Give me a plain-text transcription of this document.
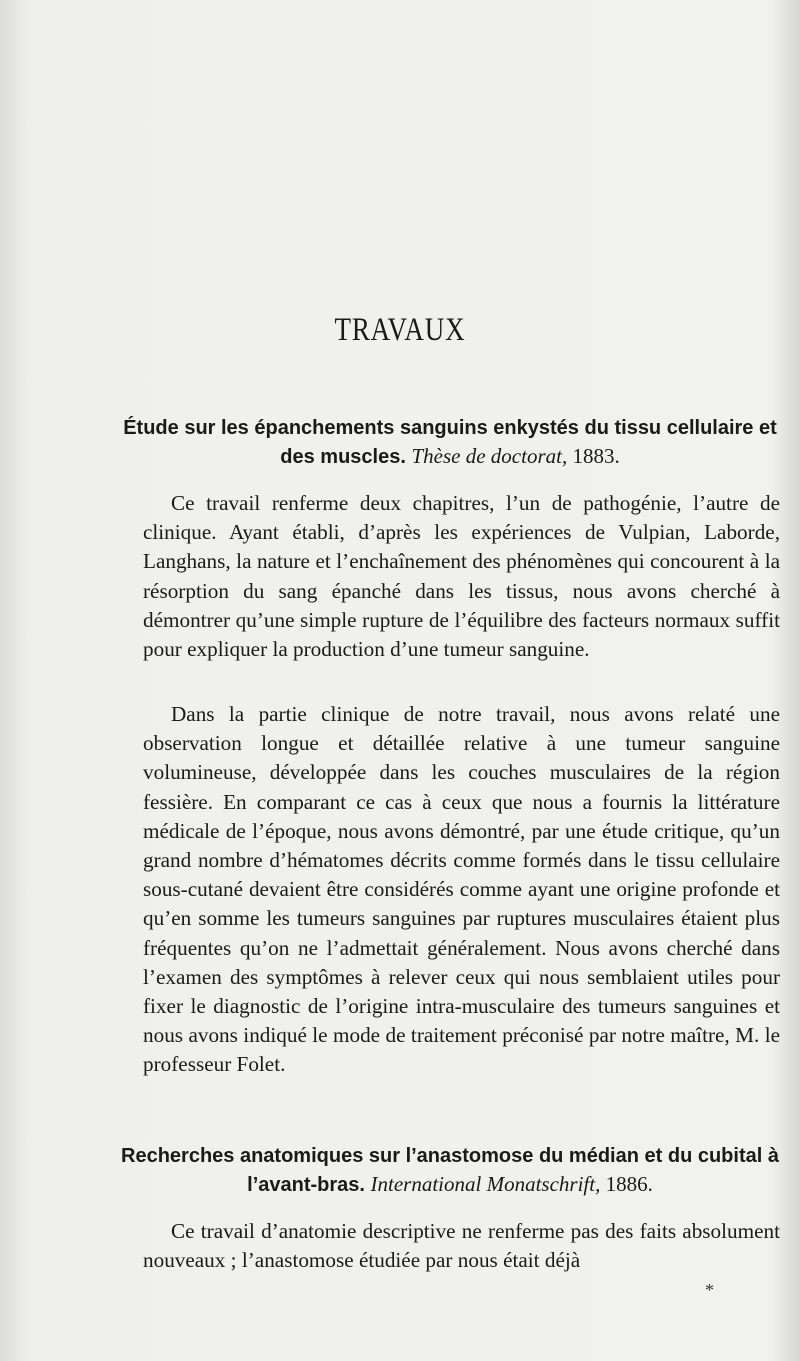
TRAVAUX
Étude sur les épanchements sanguins enkystés du tissu cellulaire et des muscles. Thèse de doctorat, 1883.

Ce travail renferme deux chapitres, l’un de pathogénie, l’autre de clinique. Ayant établi, d’après les expériences de Vulpian, Laborde, Langhans, la nature et l’enchaînement des phénomènes qui concourent à la résorption du sang épanché dans les tissus, nous avons cherché à démontrer qu’une simple rupture de l’équilibre des facteurs normaux suffit pour expliquer la production d’une tumeur sanguine.

Dans la partie clinique de notre travail, nous avons relaté une observation longue et détaillée relative à une tumeur sanguine volumineuse, développée dans les couches musculaires de la région fessière. En comparant ce cas à ceux que nous a fournis la littérature médicale de l’époque, nous avons démontré, par une étude critique, qu’un grand nombre d’hématomes décrits comme formés dans le tissu cellulaire sous-cutané devaient être considérés comme ayant une origine profonde et qu’en somme les tumeurs sanguines par ruptures musculaires étaient plus fréquentes qu’on ne l’admettait généralement. Nous avons cherché dans l’examen des symptômes à relever ceux qui nous semblaient utiles pour fixer le diagnostic de l’origine intra-musculaire des tumeurs sanguines et nous avons indiqué le mode de traitement préconisé par notre maître, M. le professeur Folet.

Recherches anatomiques sur l’anastomose du médian et du cubital à l’avant-bras. International Monatschrift, 1886.

Ce travail d’anatomie descriptive ne renferme pas des faits absolument nouveaux ; l’anastomose étudiée par nous était déjà

*
